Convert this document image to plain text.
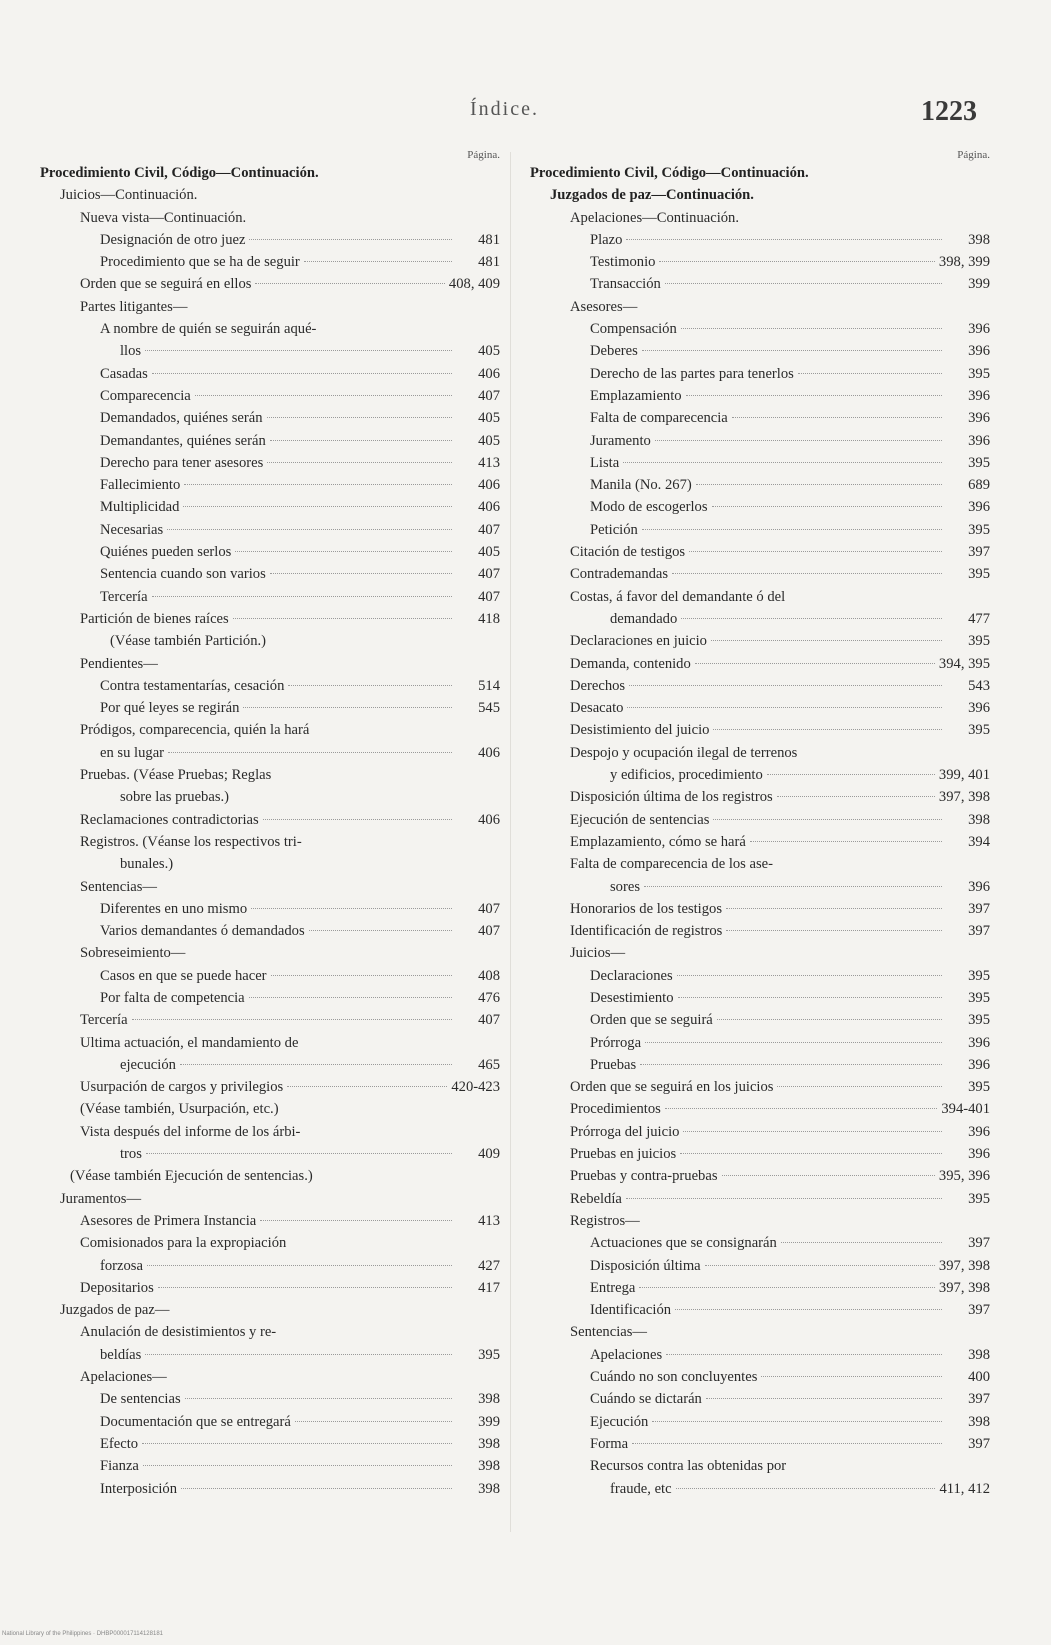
Índice.	1223
Página.
Procedimiento Civil, Código—Continuación.
Juicios—Continuación.
Nueva vista—Continuación.
Designación de otro juez	481
Procedimiento que se ha de seguir	481
Orden que se seguirá en ellos	408, 409
Partes litigantes—
A nombre de quién se seguirán aqué-
llos	405
Casadas	406
Comparecencia	407
Demandados, quiénes serán	405
Demandantes, quiénes serán	405
Derecho para tener asesores	413
Fallecimiento	406
Multiplicidad	406
Necesarias	407
Quiénes pueden serlos	405
Sentencia cuando son varios	407
Tercería	407
Partición de bienes raíces	418
(Véase también Partición.)
Pendientes—
Contra testamentarías, cesación	514
Por qué leyes se regirán	545
Pródigos, comparecencia, quién la hará
en su lugar	406
Pruebas. (Véase Pruebas; Reglas
sobre las pruebas.)
Reclamaciones contradictorias	406
Registros. (Véanse los respectivos tri-
bunales.)
Sentencias—
Diferentes en uno mismo	407
Varios demandantes ó demandados	407
Sobreseimiento—
Casos en que se puede hacer	408
Por falta de competencia	476
Tercería	407
Ultima actuación, el mandamiento de
ejecución	465
Usurpación de cargos y privilegios	420-423
(Véase también, Usurpación, etc.)
Vista después del informe de los árbi-
tros	409
(Véase también Ejecución de sentencias.)
Juramentos—
Asesores de Primera Instancia	413
Comisionados para la expropiación
forzosa	427
Depositarios	417
Juzgados de paz—
Anulación de desistimientos y re-
beldías	395
Apelaciones—
De sentencias	398
Documentación que se entregará	399
Efecto	398
Fianza	398
Interposición	398
Página.
Procedimiento Civil, Código—Continuación.
Juzgados de paz—Continuación.
Apelaciones—Continuación.
Plazo	398
Testimonio	398, 399
Transacción	399
Asesores—
Compensación	396
Deberes	396
Derecho de las partes para tenerlos	395
Emplazamiento	396
Falta de comparecencia	396
Juramento	396
Lista	395
Manila (No. 267)	689
Modo de escogerlos	396
Petición	395
Citación de testigos	397
Contrademandas	395
Costas, á favor del demandante ó del
demandado	477
Declaraciones en juicio	395
Demanda, contenido	394, 395
Derechos	543
Desacato	396
Desistimiento del juicio	395
Despojo y ocupación ilegal de terrenos
y edificios, procedimiento	399, 401
Disposición última de los registros	397, 398
Ejecución de sentencias	398
Emplazamiento, cómo se hará	394
Falta de comparecencia de los ase-
sores	396
Honorarios de los testigos	397
Identificación de registros	397
Juicios—
Declaraciones	395
Desestimiento	395
Orden que se seguirá	395
Prórroga	396
Pruebas	396
Orden que se seguirá en los juicios	395
Procedimientos	394-401
Prórroga del juicio	396
Pruebas en juicios	396
Pruebas y contra-pruebas	395, 396
Rebeldía	395
Registros—
Actuaciones que se consignarán	397
Disposición última	397, 398
Entrega	397, 398
Identificación	397
Sentencias—
Apelaciones	398
Cuándo no son concluyentes	400
Cuándo se dictarán	397
Ejecución	398
Forma	397
Recursos contra las obtenidas por
fraude, etc	411, 412
National Library of the Philippines · DHBP000017114128181
